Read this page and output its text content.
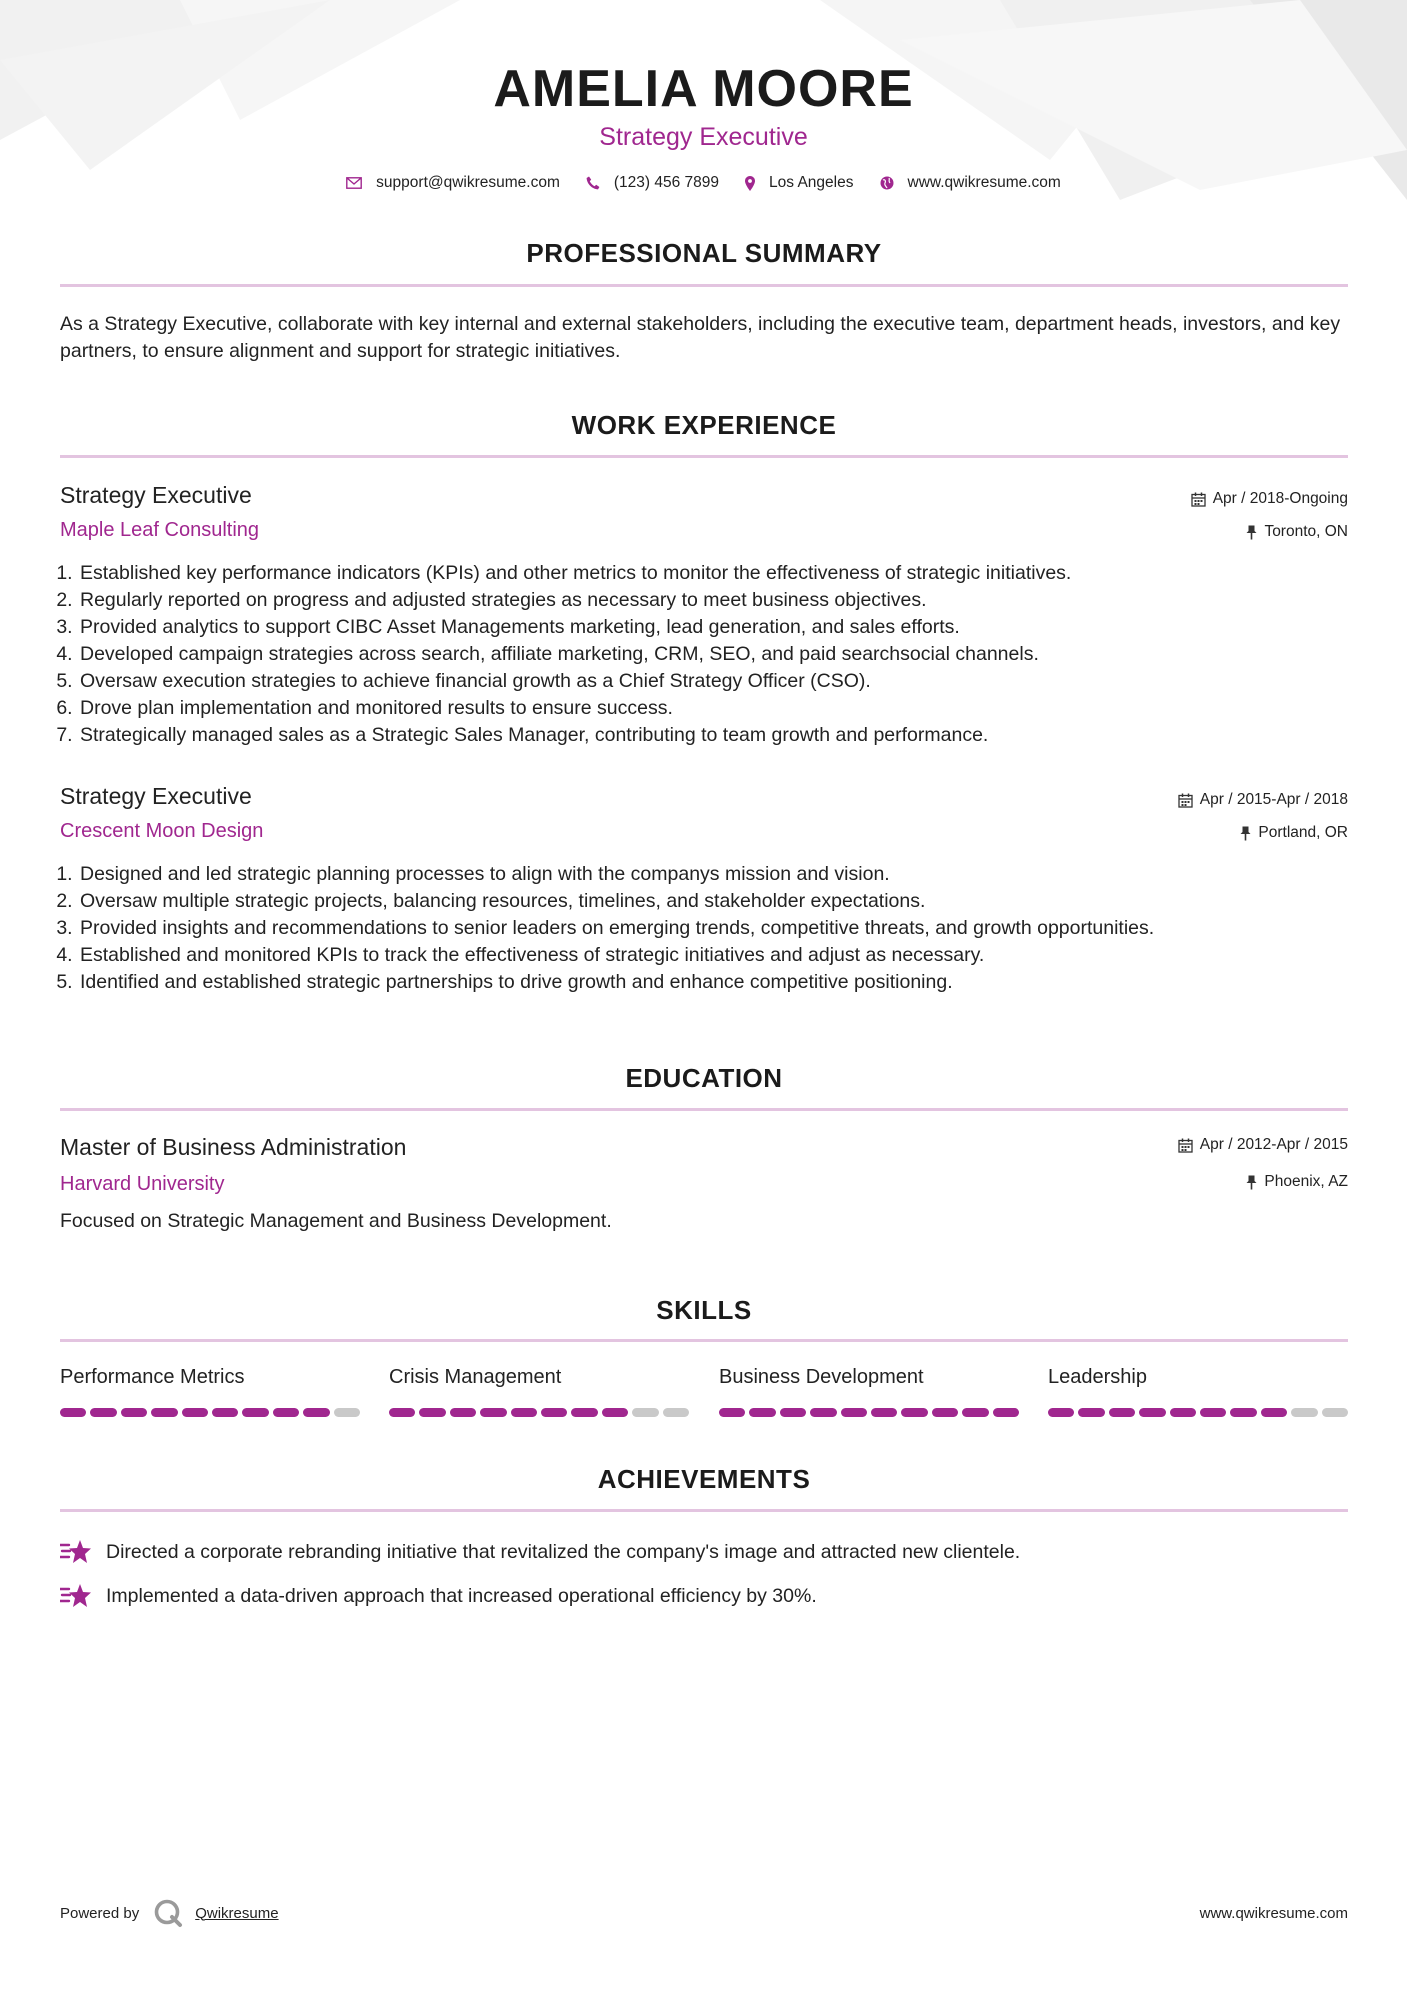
AMELIA MOORE
Strategy Executive
support@qwikresume.com	(123) 456 7899	Los Angeles	www.qwikresume.com
PROFESSIONAL SUMMARY
As a Strategy Executive, collaborate with key internal and external stakeholders, including the executive team, department heads, investors, and key partners, to ensure alignment and support for strategic initiatives.
WORK EXPERIENCE
Strategy Executive
Maple Leaf Consulting
Apr / 2018-Ongoing
Toronto, ON
1. Established key performance indicators (KPIs) and other metrics to monitor the effectiveness of strategic initiatives.
2. Regularly reported on progress and adjusted strategies as necessary to meet business objectives.
3. Provided analytics to support CIBC Asset Managements marketing, lead generation, and sales efforts.
4. Developed campaign strategies across search, affiliate marketing, CRM, SEO, and paid searchsocial channels.
5. Oversaw execution strategies to achieve financial growth as a Chief Strategy Officer (CSO).
6. Drove plan implementation and monitored results to ensure success.
7. Strategically managed sales as a Strategic Sales Manager, contributing to team growth and performance.
Strategy Executive
Crescent Moon Design
Apr / 2015-Apr / 2018
Portland, OR
1. Designed and led strategic planning processes to align with the companys mission and vision.
2. Oversaw multiple strategic projects, balancing resources, timelines, and stakeholder expectations.
3. Provided insights and recommendations to senior leaders on emerging trends, competitive threats, and growth opportunities.
4. Established and monitored KPIs to track the effectiveness of strategic initiatives and adjust as necessary.
5. Identified and established strategic partnerships to drive growth and enhance competitive positioning.
EDUCATION
Master of Business Administration
Harvard University
Apr / 2012-Apr / 2015
Phoenix, AZ
Focused on Strategic Management and Business Development.
SKILLS
Performance Metrics	Crisis Management	Business Development	Leadership
ACHIEVEMENTS
Directed a corporate rebranding initiative that revitalized the company's image and attracted new clientele.
Implemented a data-driven approach that increased operational efficiency by 30%.
Powered by	Qwikresume	www.qwikresume.com
